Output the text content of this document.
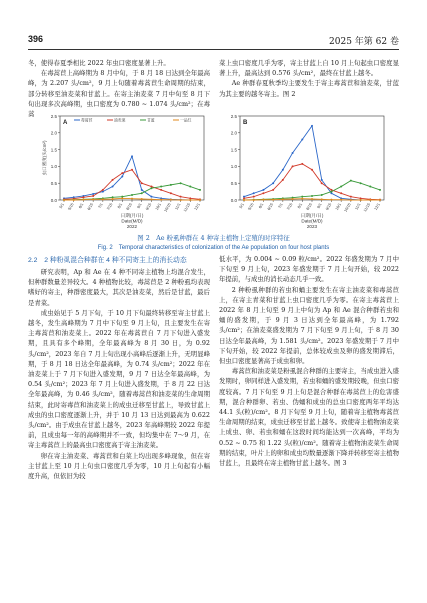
396	2025 年第 62 卷

冬，使得春夏季相比 2022 年虫口密度显著上升。

在毒蒿苣上高峰期为 8 月中旬，于 8 月 18 日达到全年最高峰，为 2.207 头/cm²，9 月上旬随着毒蒿苣生命周期的结束，部分转移至油麦菜和甘蓝上。在寄主油麦菜 7 月中旬至 8 月下旬出现多次高峰期，虫口密度为 0.780 ~ 1.074 头/cm²；在毒蒿

菜上虫口密度几乎为零，寄主甘蓝上自 10 月上旬起虫口密度显著上升，最高达到 0.576 头/cm²，最终在甘蓝上越冬。

Ae 种群春夏秋季均主要发生于寄主毒蒿苣和油麦菜，甘蓝为其主要的越冬寄主。图 2

0.0
0.5
1.0
1.5
2.0
2.5
5/1 5/15 6/1 6/15 7/1 7/15 8/1 8/15 9/1 9/15 10/1 10/15 11/1 11/15 12/1
日期(月/日)
Date(M/D)
2022
虫口密度(头/cm²)
A	毒蒿苣	油麦菜	甘蓝	一品红
0.0
0.5
1.0
1.5
2.0
2.5
5/1 5/15 6/1 6/15 7/1 7/15 8/1 8/15 9/1 9/15 10/1 10/15 11/1 11/15 12/1
日期(月/日)
Date(M/D)
2023
B
图 2　Ae 粉虱种群在 4 种寄主植物上定殖的时序特征
Fig. 2　Temporal characteristics of colonization of the Ae population on four host plants
2.2　2 种粉虱混合种群在 4 种不同寄主上的消长动态

研究表明，Ap 和 Ae 在 4 种不同寄主植物上均混合发生，但种群数量差异较大。4 种植物比较，毒蒿苣是 2 种粉虱均表现嗜好的寄主，种群密度最大，其次是油麦菜，然后是甘蓝，最后是青菜。

成虫始见于 5 月下旬，于 10 月下旬最终转移至寄主甘蓝上越冬，发生高峰期为 7 月中下旬至 9 月上旬，且主要发生在寄主毒蒿苣和油麦菜上。2022 年在毒蒿苣自 7 月下旬进入盛发期，且具有多个峰期，全年最高峰为 8 月 30 日，为 0.92 头/cm²，2023 年自 7 月上旬出现小高峰后逐渐上升，无明显峰期，于 8 月 18 日达全年最高峰，为 0.74 头/cm²；2022 年在油麦菜上于 7 月下旬进入盛发期，9 月 7 日达全年最高峰，为 0.54 头/cm²；2023 年 7 月上旬进入盛发期，于 8 月 22 日达全年最高峰，为 0.46 头/cm²，随着毒蒿苣和油麦菜的生命周期结束，此时寄毒苣和油麦菜上的成虫迁移至甘蓝上，导致甘蓝上成虫的虫口密度逐渐上升，并于 10 月 13 日达到最高为 0.622 头/cm²。由于成虫在甘蓝上越冬，2023 年高峰期较 2022 年提前，且成虫每一年的高峰期并不一致，但均集中在 7～9 月，在寄主毒蒿苣上的最高虫口密度高于寄主油麦菜。

卵在寄主油麦菜、毒蒿苣和白菜上均出现多峰现象，但在寄主甘蓝上至 10 月上旬虫口密度几乎为零，10 月上旬起有小幅度升高，但依旧为较

低水平，为 0.004 ~ 0.09 粒/cm²。2022 年盛发期为 7 月中下旬至 9 月上旬，2023 年盛发期于 7 月上旬开始，较 2022 年提前，与成虫的消长动态几乎一致。

2 种粉虱种群的若虫和蛹主要发生在寄主油麦菜和毒蒿苣上，在寄主青菜和甘蓝上虫口密度几乎为零。在寄主毒蒿苣上 2022 年 8 月上旬至 9 月上中旬为 Ap 和 Ae 混合种群若虫和蛹的盛发期，于 9 月 3 日达到全年最高峰，为 1.792 头/cm²；在油麦菜盛发期为 7 月下旬至 9 月上旬，于 8 月 30 日达全年最高峰，为 1.581 头/cm²。2023 年盛发期于 7 月中下旬开始，较 2022 年提前，总体较成虫及卵的盛发期滞后，但虫口密度显著高于成虫和卵。

毒蒿苣和油麦菜是粉虱混合种群的主要寄主，当成虫进入盛发期时，卵同样进入盛发期，若虫和蛹的盛发期较晚，但虫口密度较高。7 月下旬至 9 月上旬是混合种群在毒蒿苣上的危害盛期，混合种群卵、若虫、伪蛹和成虫的总虫口密度两年平均达 44.1 头(粒)/cm²。8 月下旬至 9 月上旬，随着寄主植物毒蒿苣生命周期的结束，成虫迁移至甘蓝上越冬。致使寄主植物油麦菜上成虫、卵、若虫和蛹在这段时间均能达到一次高峰，平均为 0.52 ~ 0.75 和 1.22 头(粒)/cm²。随着寄主植物油麦菜生命周期的结束，叶片上的卵和成虫均数量逐渐下降并转移至寄主植物甘蓝上，且最终在寄主植物甘蓝上越冬。图 3
